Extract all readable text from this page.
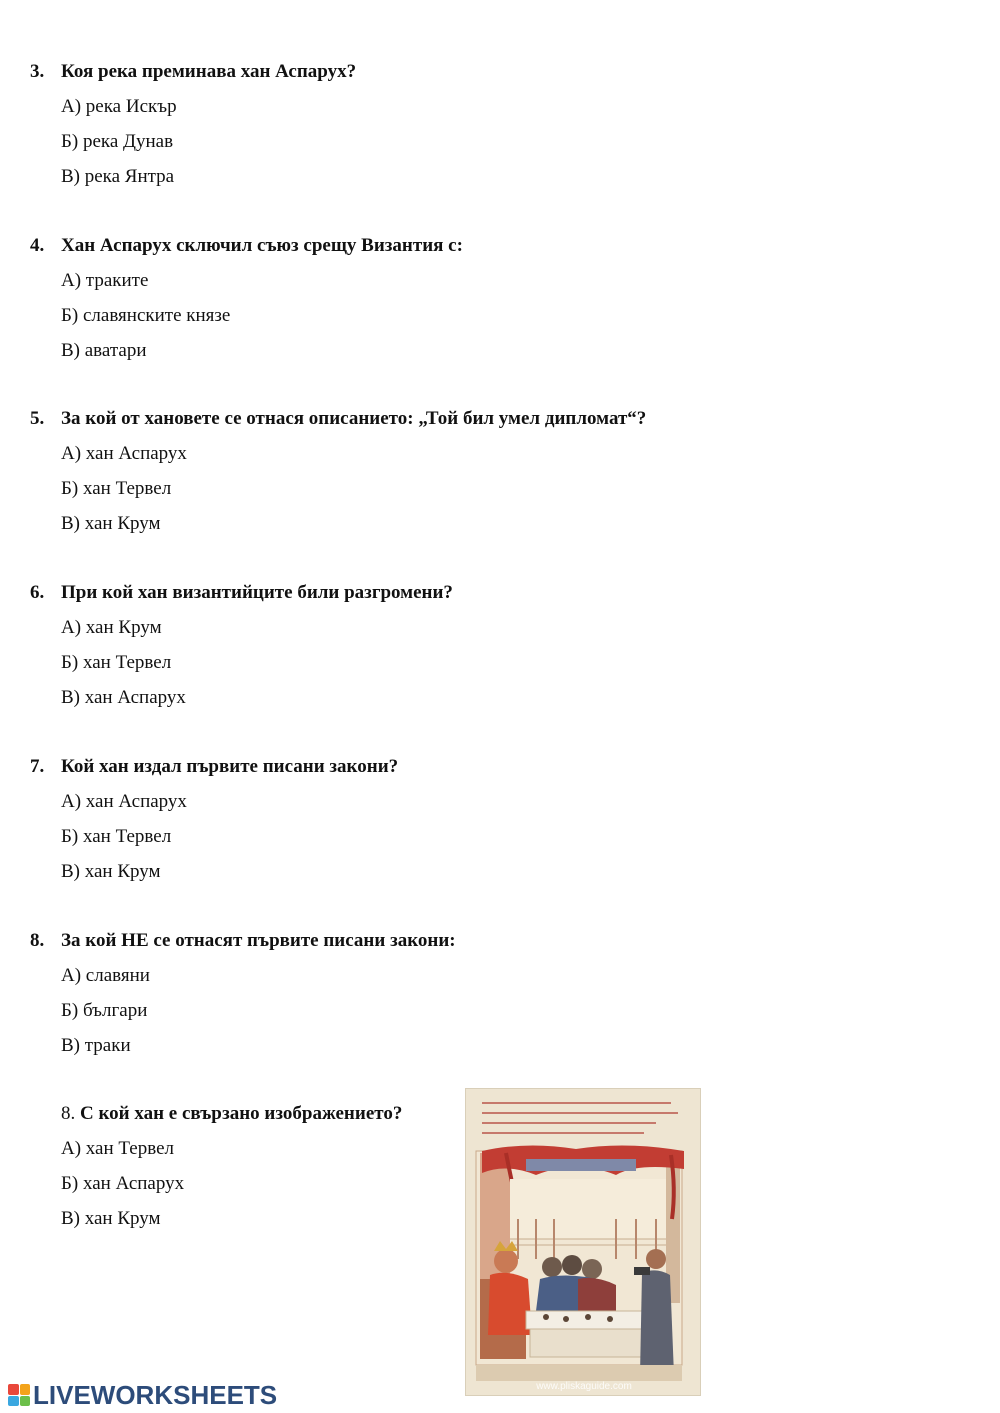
3. Коя река преминава хан Аспарух?
А) река Искър
Б) река Дунав
В) река Янтра
4. Хан Аспарух сключил съюз срещу Византия с:
А) траките
Б) славянските князе
В) аватари
5. За кой от хановете се отнася описанието: „Той бил умел дипломат“?
А) хан Аспарух
Б) хан Тервел
В) хан Крум
6. При кой хан византийците били разгромени?
А) хан Крум
Б) хан Тервел
В) хан Аспарух
7. Кой хан издал първите писани закони?
А) хан Аспарух
Б) хан Тервел
В) хан Крум
8. За кой НЕ се отнасят първите писани закони:
А) славяни
Б) българи
В) траки
8. С кой хан е свързано изображението?
А) хан Тервел
Б) хан Аспарух
В) хан Крум
www.pliskaguide.com
LIVEWORKSHEETS
